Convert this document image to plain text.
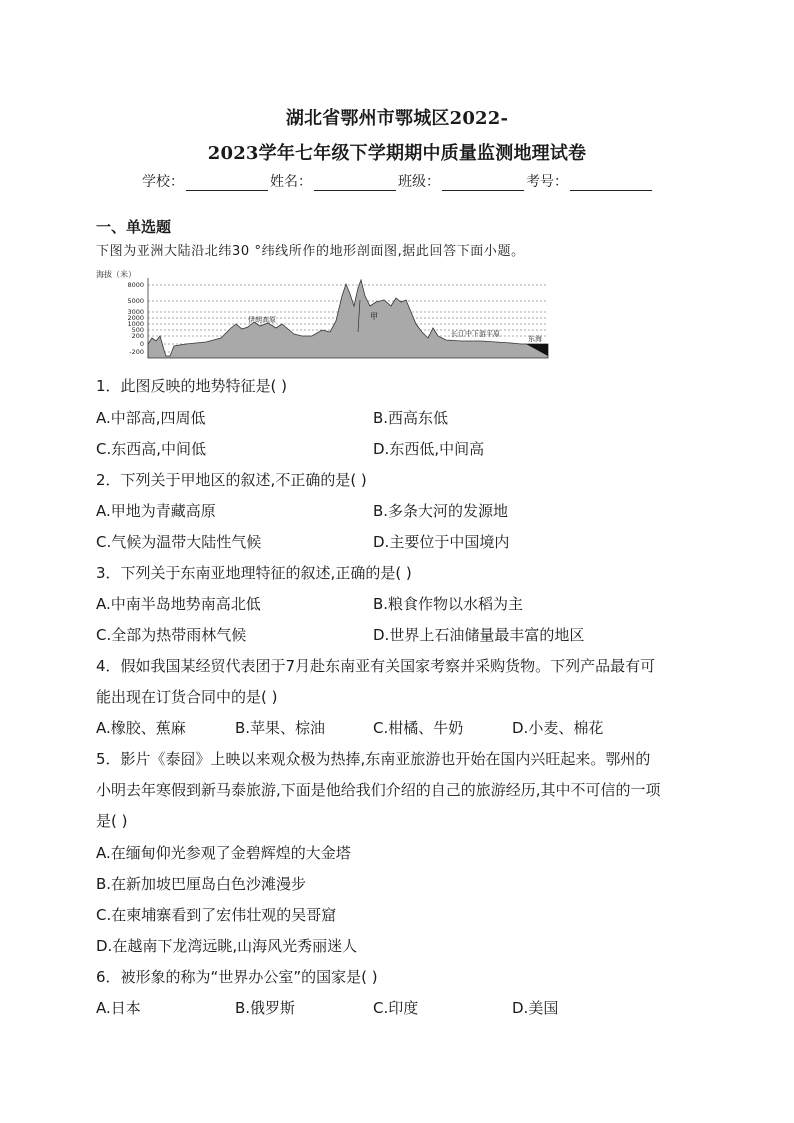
湖北省鄂州市鄂城区2022-
2023学年七年级下学期期中质量监测地理试卷
学校：	姓名：	班级：	考号：
一、单选题
下图为亚洲大陆沿北纬30 °纬线所作的地形剖面图,据此回答下面小题。
海拔（米）
8000
5000
3000
2000
1000
500
200
0
-200
伊朗高原	甲
长江中下游平原
东海
1．此图反映的地势特征是( )
A.中部高,四周低	B.西高东低
C.东西高,中间低	D.东西低,中间高
2．下列关于甲地区的叙述,不正确的是( )
A.甲地为青藏高原	B.多条大河的发源地
C.气候为温带大陆性气候	D.主要位于中国境内
3．下列关于东南亚地理特征的叙述,正确的是( )
A.中南半岛地势南高北低	B.粮食作物以水稻为主
C.全部为热带雨林气候	D.世界上石油储量最丰富的地区
4．假如我国某经贸代表团于7月赴东南亚有关国家考察并采购货物。下列产品最有可
能出现在订货合同中的是( )
A.橡胶、蕉麻	B.苹果、棕油	C.柑橘、牛奶	D.小麦、棉花
5．影片《泰囧》上映以来观众极为热捧,东南亚旅游也开始在国内兴旺起来。鄂州的
小明去年寒假到新马泰旅游,下面是他给我们介绍的自己的旅游经历,其中不可信的一项
是( )
A.在缅甸仰光参观了金碧辉煌的大金塔
B.在新加坡巴厘岛白色沙滩漫步
C.在柬埔寨看到了宏伟壮观的吴哥窟
D.在越南下龙湾远眺,山海风光秀丽迷人
6．被形象的称为“世界办公室”的国家是( )
A.日本	B.俄罗斯	C.印度	D.美国
